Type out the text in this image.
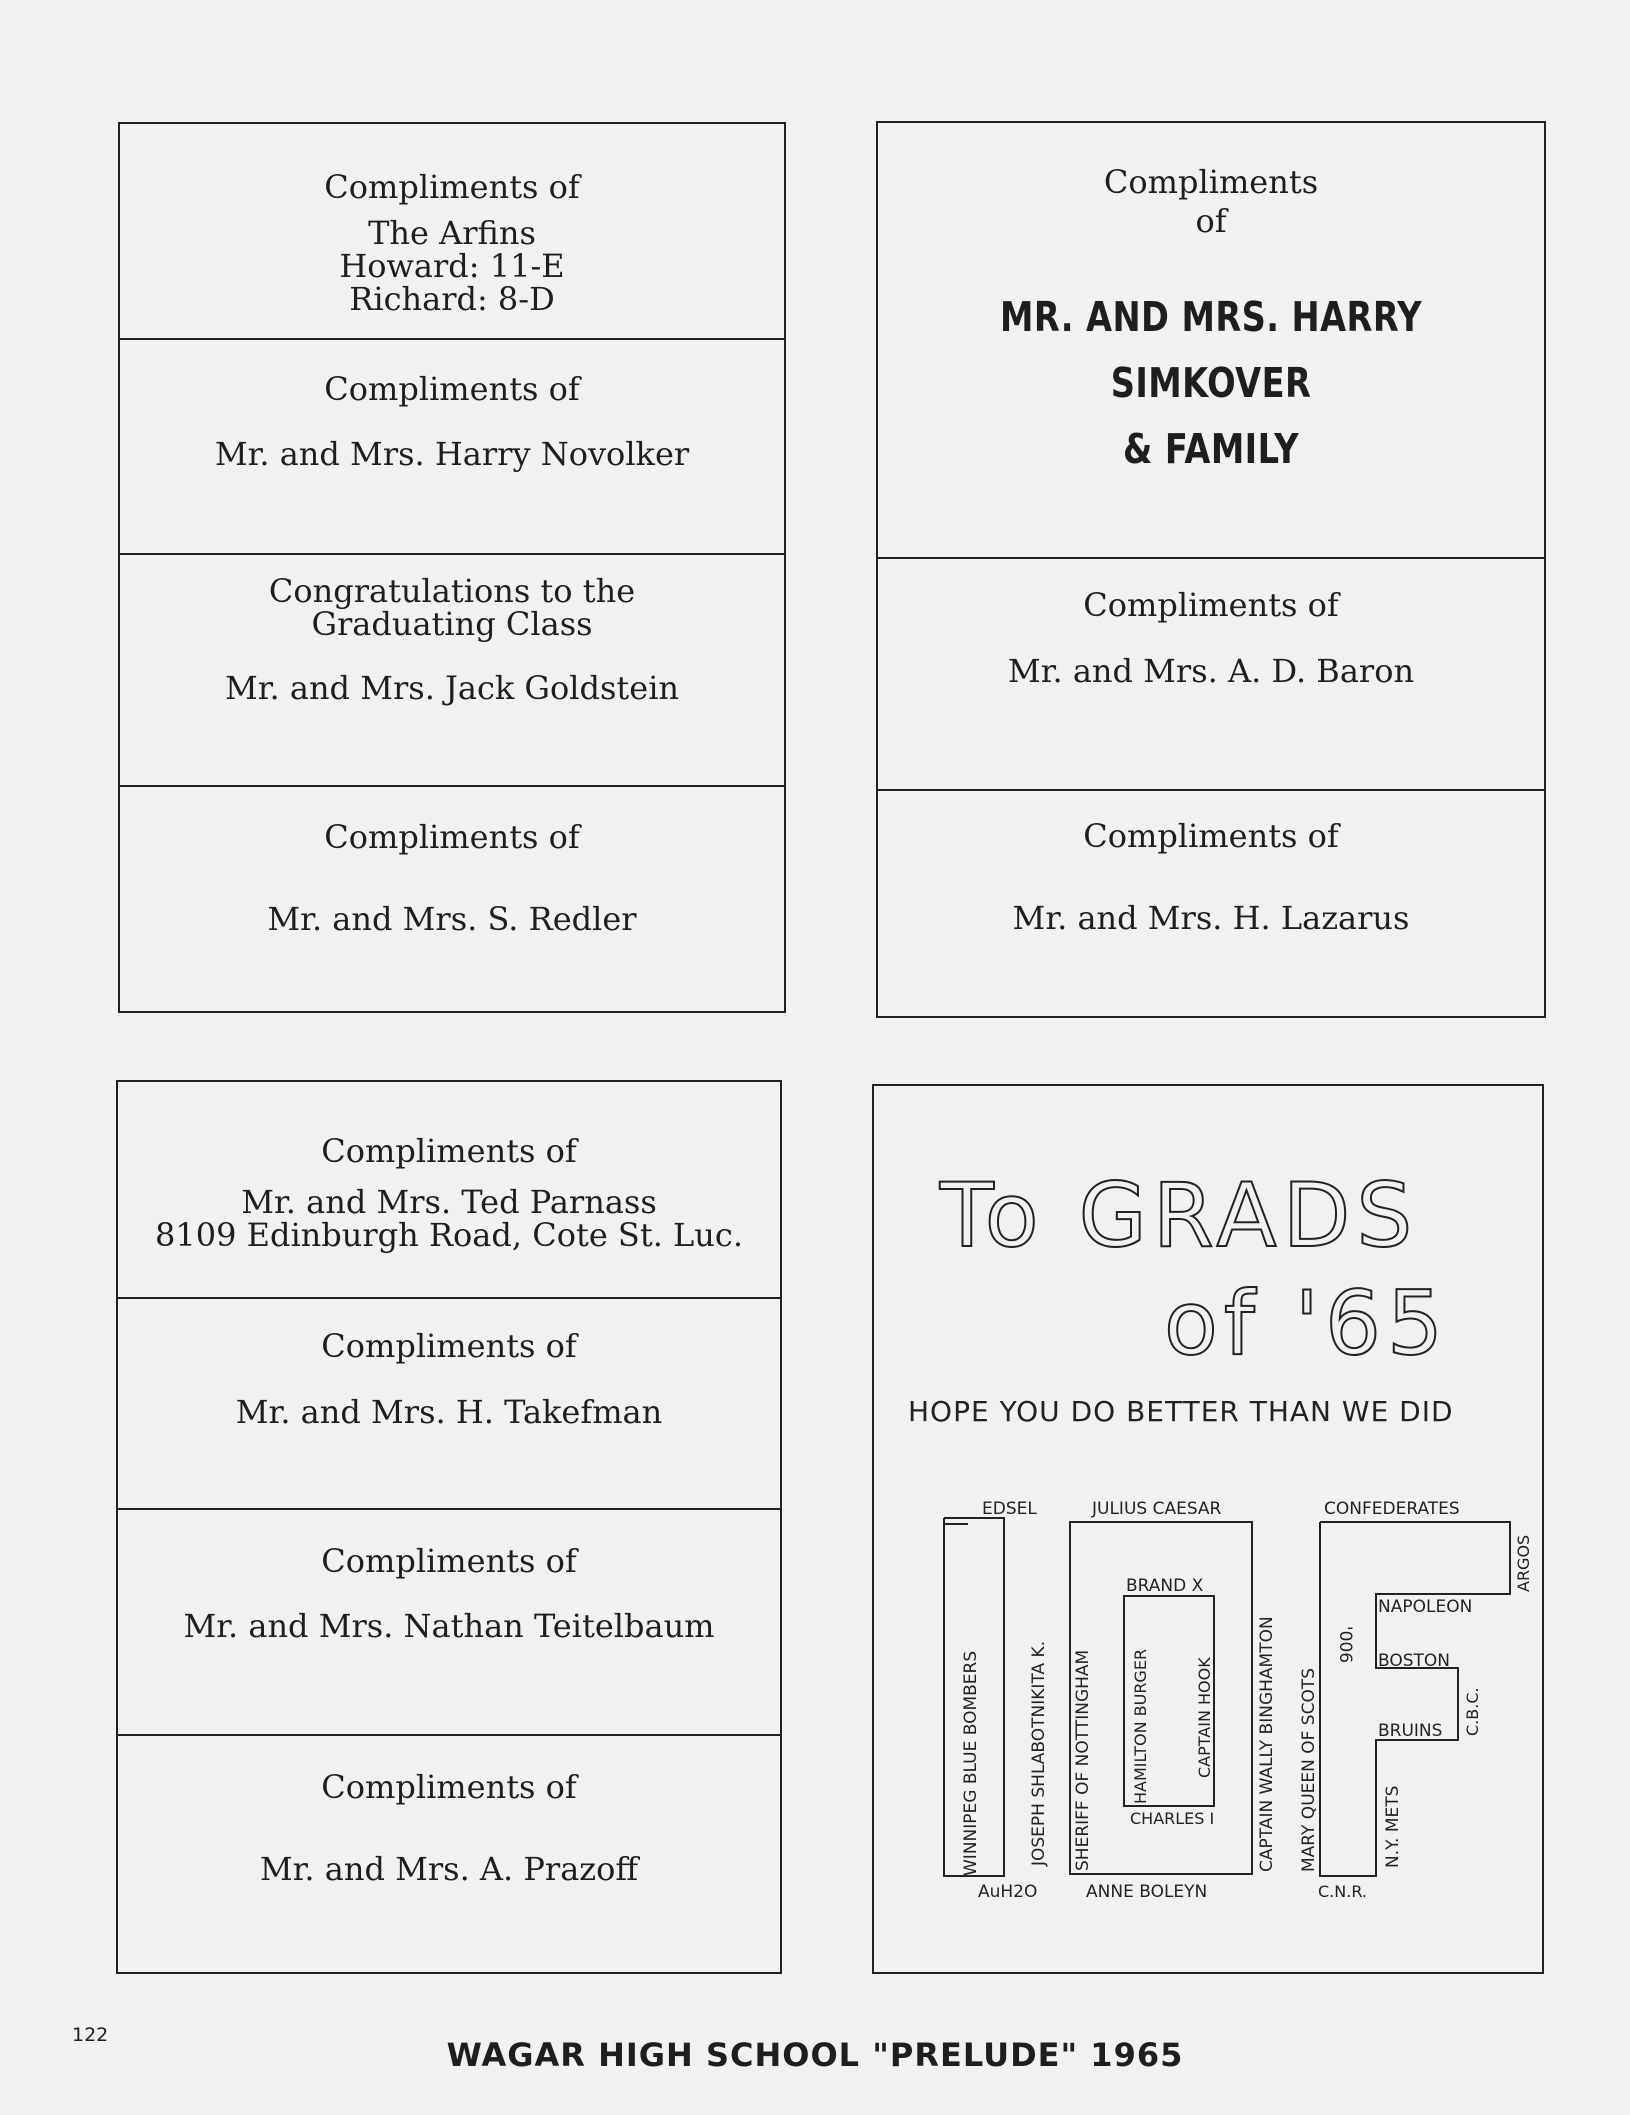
Compliments of
The Arfins
Howard: 11-E
Richard: 8-D
Compliments of
Mr. and Mrs. Harry Novolker
Congratulations to the
Graduating Class
Mr. and Mrs. Jack Goldstein
Compliments of
Mr. and Mrs. S. Redler
Compliments
of
MR. AND MRS. HARRY SIMKOVER
& FAMILY
Compliments of
Mr. and Mrs. A. D. Baron
Compliments of
Mr. and Mrs. H. Lazarus
Compliments of
Mr. and Mrs. Ted Parnass
8109 Edinburgh Road, Cote St. Luc.
Compliments of
Mr. and Mrs. H. Takefman
Compliments of
Mr. and Mrs. Nathan Teitelbaum
Compliments of
Mr. and Mrs. A. Prazoff
To GRADS
of '65
HOPE YOU DO BETTER THAN WE DID
EDSEL
WINNIPEG BLUE BOMBERS	JOSEPH SHLABOTNIKITA K.
AuH2O
JULIUS CAESAR
SHERIFF OF NOTTINGHAM
BRAND X
HAMILTON BURGER	CAPTAIN HOOK
CHARLES I	CAPTAIN WALLY BINGHAMTON
ANNE BOLEYN
CONFEDERATES
ARGOS
MARY QUEEN OF SCOTS
'006
NAPOLEON
BOSTON
C.B.C.
BRUINS
N.Y. METS
C.N.R.
122
WAGAR HIGH SCHOOL "PRELUDE" 1965
